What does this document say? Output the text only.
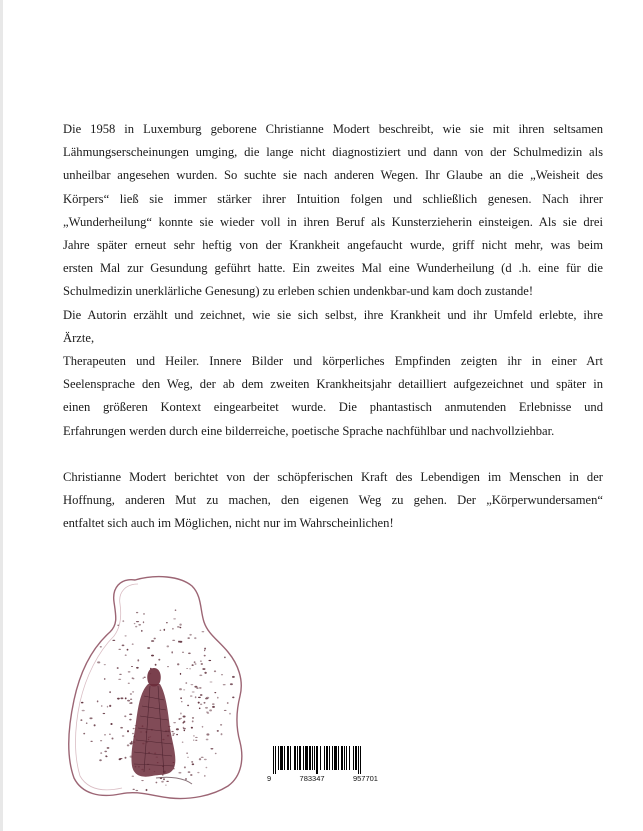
Die 1958 in Luxemburg geborene Christianne Modert beschreibt, wie sie mit ihren seltsamen

Lähmungserscheinungen umging, die lange nicht diagnostiziert und dann von der Schulmedizin als

unheilbar angesehen wurden. So suchte sie nach anderen Wegen. Ihr Glaube an die „Weisheit des

Körpers“ ließ sie immer stärker ihrer Intuition folgen und schließlich genesen. Nach ihrer

„Wunderheilung“ konnte sie wieder voll in ihren Beruf als Kunsterzieherin einsteigen. Als sie drei

Jahre später erneut sehr heftig von der Krankheit angefaucht wurde, griff nicht mehr, was beim

ersten Mal zur Gesundung geführt hatte. Ein zweites Mal eine Wunderheilung (d .h. eine für die

Schulmedizin unerklärliche Genesung) zu erleben schien undenkbar-und kam doch zustande!

Die Autorin erzählt und zeichnet, wie sie sich selbst, ihre Krankheit und ihr Umfeld erlebte, ihre

Ärzte,

Therapeuten und Heiler. Innere Bilder und körperliches Empfinden zeigten ihr in einer Art

Seelensprache den Weg, der ab dem zweiten Krankheitsjahr detailliert aufgezeichnet und später in

einen größeren Kontext eingearbeitet wurde. Die phantastisch anmutenden Erlebnisse und

Erfahrungen werden durch eine bilderreiche, poetische Sprache nachfühlbar und nachvollziehbar.

Christianne Modert berichtet von der schöpferischen Kraft des Lebendigen im Menschen in der

Hoffnung, anderen Mut zu machen, den eigenen Weg zu gehen. Der „Körperwundersamen“

entfaltet sich auch im Möglichen, nicht nur im Wahrscheinlichen!

9	783347	957701
